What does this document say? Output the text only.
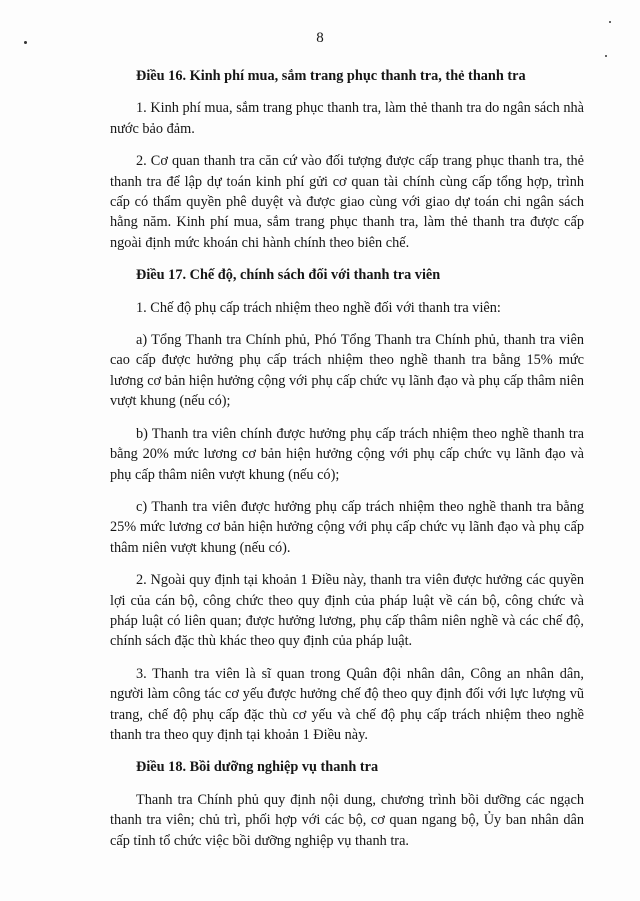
8

Điều 16. Kinh phí mua, sắm trang phục thanh tra, thẻ thanh tra

1. Kinh phí mua, sắm trang phục thanh tra, làm thẻ thanh tra do ngân sách nhà nước bảo đảm.

2. Cơ quan thanh tra căn cứ vào đối tượng được cấp trang phục thanh tra, thẻ thanh tra để lập dự toán kinh phí gửi cơ quan tài chính cùng cấp tổng hợp, trình cấp có thẩm quyền phê duyệt và được giao cùng với giao dự toán chi ngân sách hằng năm. Kinh phí mua, sắm trang phục thanh tra, làm thẻ thanh tra được cấp ngoài định mức khoán chi hành chính theo biên chế.

Điều 17. Chế độ, chính sách đối với thanh tra viên

1. Chế độ phụ cấp trách nhiệm theo nghề đối với thanh tra viên:

a) Tổng Thanh tra Chính phủ, Phó Tổng Thanh tra Chính phủ, thanh tra viên cao cấp được hưởng phụ cấp trách nhiệm theo nghề thanh tra bằng 15% mức lương cơ bản hiện hưởng cộng với phụ cấp chức vụ lãnh đạo và phụ cấp thâm niên vượt khung (nếu có);

b) Thanh tra viên chính được hưởng phụ cấp trách nhiệm theo nghề thanh tra bằng 20% mức lương cơ bản hiện hưởng cộng với phụ cấp chức vụ lãnh đạo và phụ cấp thâm niên vượt khung (nếu có);

c) Thanh tra viên được hưởng phụ cấp trách nhiệm theo nghề thanh tra bằng 25% mức lương cơ bản hiện hưởng cộng với phụ cấp chức vụ lãnh đạo và phụ cấp thâm niên vượt khung (nếu có).

2. Ngoài quy định tại khoản 1 Điều này, thanh tra viên được hưởng các quyền lợi của cán bộ, công chức theo quy định của pháp luật về cán bộ, công chức và pháp luật có liên quan; được hưởng lương, phụ cấp thâm niên nghề và các chế độ, chính sách đặc thù khác theo quy định của pháp luật.

3. Thanh tra viên là sĩ quan trong Quân đội nhân dân, Công an nhân dân, người làm công tác cơ yếu được hưởng chế độ theo quy định đối với lực lượng vũ trang, chế độ phụ cấp đặc thù cơ yếu và chế độ phụ cấp trách nhiệm theo nghề thanh tra theo quy định tại khoản 1 Điều này.

Điều 18. Bồi dưỡng nghiệp vụ thanh tra

Thanh tra Chính phủ quy định nội dung, chương trình bồi dưỡng các ngạch thanh tra viên; chủ trì, phối hợp với các bộ, cơ quan ngang bộ, Ủy ban nhân dân cấp tỉnh tổ chức việc bồi dưỡng nghiệp vụ thanh tra.
